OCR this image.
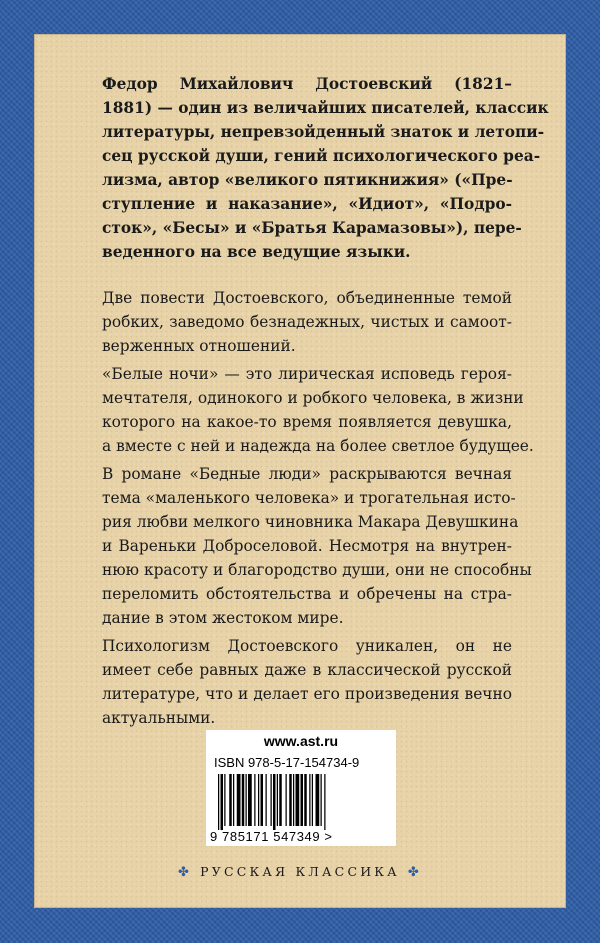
Федор Михайлович Достоевский (1821–
1881) — один из величайших писателей, классик
литературы, непревзойденный знаток и летопи-
сец русской души, гений психологического реа-
лизма, автор «великого пятикнижия» («Пре-
ступление и наказание», «Идиот», «Подро-
сток», «Бесы» и «Братья Карамазовы»), пере-
веденного на все ведущие языки.

Две повести Достоевского, объединенные темой
робких, заведомо безнадежных, чистых и самоот-
верженных отношений.

«Белые ночи» — это лирическая исповедь героя-
мечтателя, одинокого и робкого человека, в жизни
которого на какое-то время появляется девушка,
а вместе с ней и надежда на более светлое будущее.

В романе «Бедные люди» раскрываются вечная
тема «маленького человека» и трогательная исто-
рия любви мелкого чиновника Макара Девушкина
и Вареньки Доброселовой. Несмотря на внутрен-
нюю красоту и благородство души, они не способны
переломить обстоятельства и обречены на стра-
дание в этом жестоком мире.

Психологизм Достоевского уникален, он не
имеет себе равных даже в классической русской
литературе, что и делает его произведения вечно
актуальными.

www.ast.ru
ISBN 978-5-17-154734-9
9 785171 547349 >
✤ РУССКАЯ КЛАССИКА ✤
